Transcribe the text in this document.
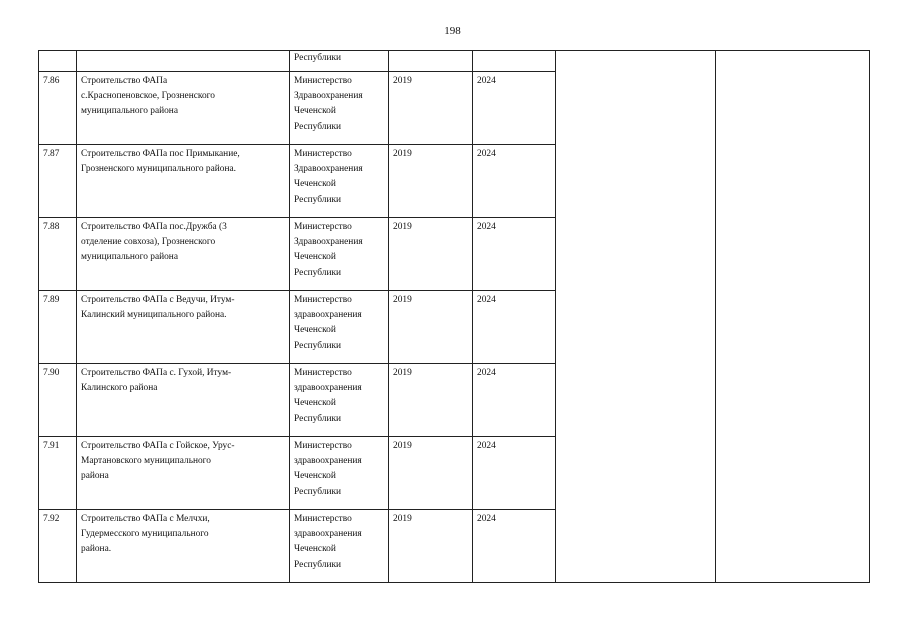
198

		Республики				

7.86	Строительство ФАПа
с.Краснопеновское, Грозненского
муниципального района	Министерство
Здравоохранения
Чеченской
Республики	2019	2024		

7.87	Строительство ФАПа пос Примыкание,
Грозненского муниципального района.	Министерство
Здравоохранения
Чеченской
Республики	2019	2024		

7.88	Строительство ФАПа пос.Дружба (3
отделение совхоза), Грозненского
муниципального района	Министерство
Здравоохранения
Чеченской
Республики	2019	2024		

7.89	Строительство ФАПа с Ведучи, Итум-
Калинский муниципального района.	Министерство
здравоохранения
Чеченской
Республики	2019	2024		

7.90	Строительство ФАПа с. Гухой, Итум-
Калинского района	Министерство
здравоохранения
Чеченской
Республики	2019	2024		

7.91	Строительство ФАПа с Гойское, Урус-
Мартановского муниципального
района	Министерство
здравоохранения
Чеченской
Республики	2019	2024		

7.92	Строительство ФАПа с Мелчхи,
Гудермесского муниципального
района.	Министерство
здравоохранения
Чеченской
Республики	2019	2024		
